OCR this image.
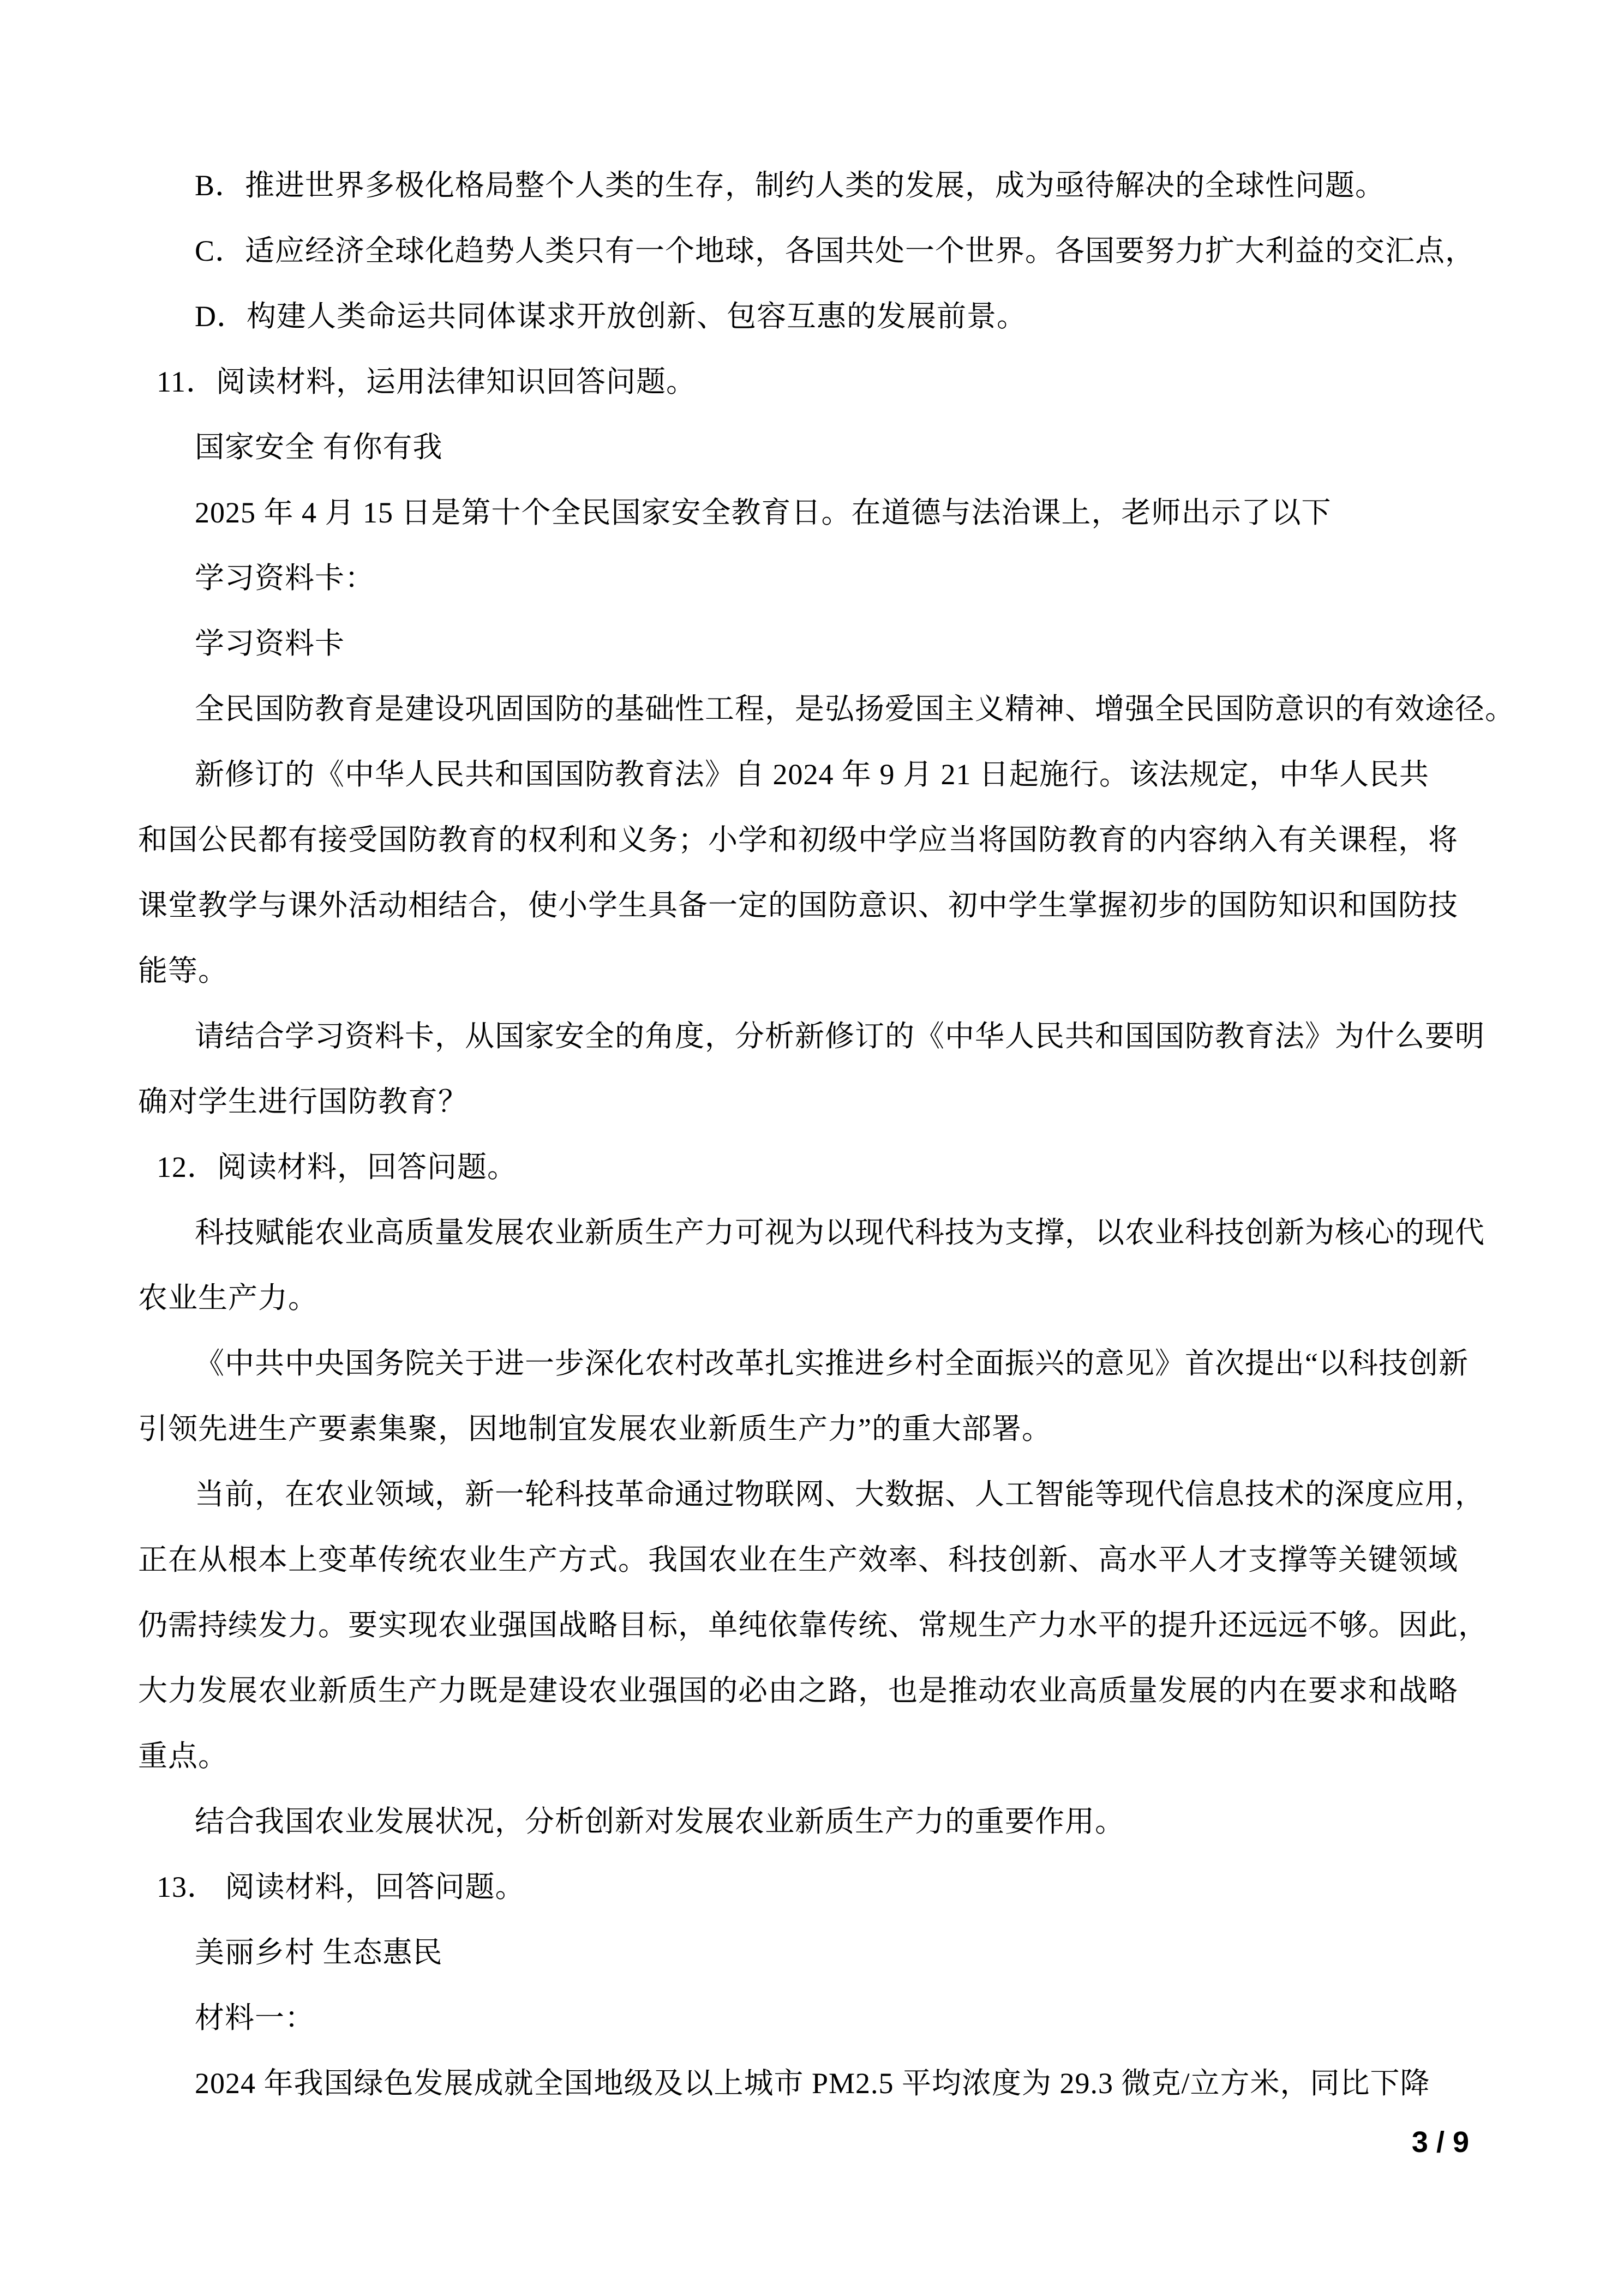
B．推进世界多极化格局整个人类的生存，制约人类的发展，成为亟待解决的全球性问题。
C．适应经济全球化趋势人类只有一个地球，各国共处一个世界。各国要努力扩大利益的交汇点，
D．构建人类命运共同体谋求开放创新、包容互惠的发展前景。
11．阅读材料，运用法律知识回答问题。
国家安全 有你有我
2025 年 4 月 15 日是第十个全民国家安全教育日。在道德与法治课上，老师出示了以下
学习资料卡：
学习资料卡
全民国防教育是建设巩固国防的基础性工程，是弘扬爱国主义精神、增强全民国防意识的有效途径。
新修订的《中华人民共和国国防教育法》自 2024 年 9 月 21 日起施行。该法规定，中华人民共
和国公民都有接受国防教育的权利和义务；小学和初级中学应当将国防教育的内容纳入有关课程，将
课堂教学与课外活动相结合，使小学生具备一定的国防意识、初中学生掌握初步的国防知识和国防技
能等。
请结合学习资料卡，从国家安全的角度，分析新修订的《中华人民共和国国防教育法》为什么要明
确对学生进行国防教育？
12．阅读材料，回答问题。
科技赋能农业高质量发展农业新质生产力可视为以现代科技为支撑，以农业科技创新为核心的现代
农业生产力。
《中共中央国务院关于进一步深化农村改革扎实推进乡村全面振兴的意见》首次提出“以科技创新
引领先进生产要素集聚，因地制宜发展农业新质生产力”的重大部署。
当前，在农业领域，新一轮科技革命通过物联网、大数据、人工智能等现代信息技术的深度应用，
正在从根本上变革传统农业生产方式。我国农业在生产效率、科技创新、高水平人才支撑等关键领域
仍需持续发力。要实现农业强国战略目标，单纯依靠传统、常规生产力水平的提升还远远不够。因此，
大力发展农业新质生产力既是建设农业强国的必由之路，也是推动农业高质量发展的内在要求和战略
重点。
结合我国农业发展状况，分析创新对发展农业新质生产力的重要作用。
13． 阅读材料，回答问题。
美丽乡村 生态惠民
材料一：
2024 年我国绿色发展成就全国地级及以上城市 PM2.5 平均浓度为 29.3 微克/立方米，同比下降
3 / 9
